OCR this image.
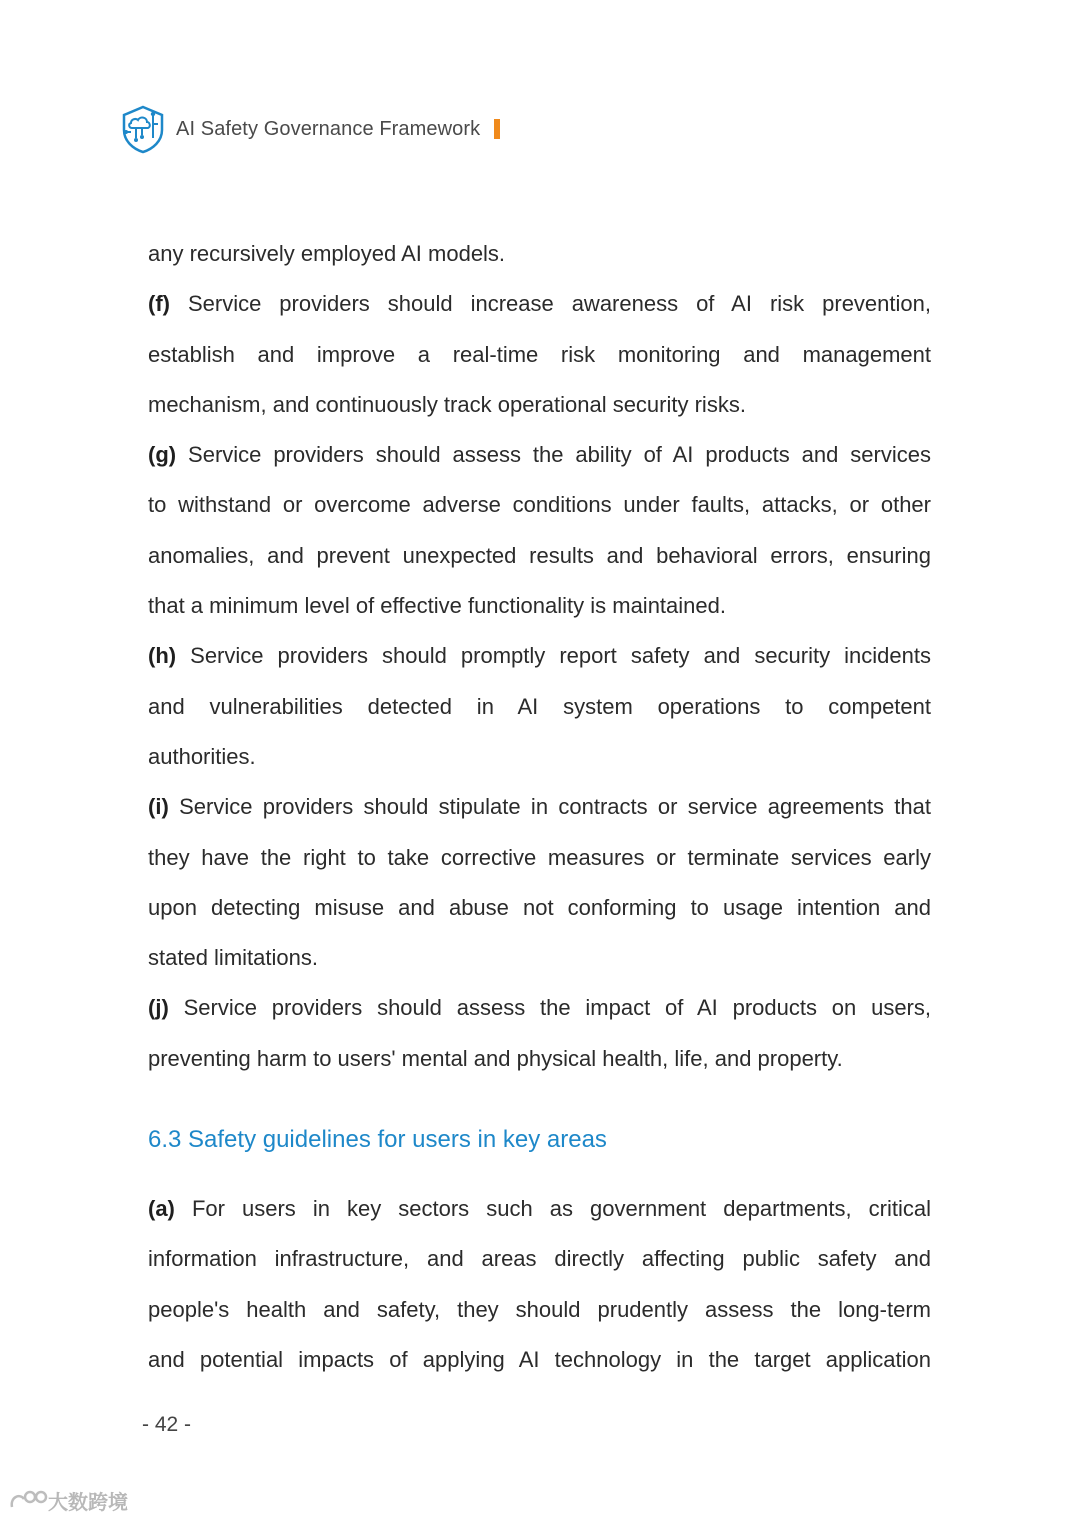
AI Safety Governance Framework
any recursively employed AI models.
(f) Service providers should increase awareness of AI risk prevention,
establish and improve a real-time risk monitoring and management
mechanism, and continuously track operational security risks.
(g) Service providers should assess the ability of AI products and services
to withstand or overcome adverse conditions under faults, attacks, or other
anomalies, and prevent unexpected results and behavioral errors, ensuring
that a minimum level of effective functionality is maintained.
(h) Service providers should promptly report safety and security incidents
and vulnerabilities detected in AI system operations to competent
authorities.
(i) Service providers should stipulate in contracts or service agreements that
they have the right to take corrective measures or terminate services early
upon detecting misuse and abuse not conforming to usage intention and
stated limitations.
(j) Service providers should assess the impact of AI products on users,
preventing harm to users' mental and physical health, life, and property.
6.3 Safety guidelines for users in key areas
(a) For users in key sectors such as government departments, critical
information infrastructure, and areas directly affecting public safety and
people's health and safety, they should prudently assess the long-term
and potential impacts of applying AI technology in the target application
- 42 -
大数跨境
